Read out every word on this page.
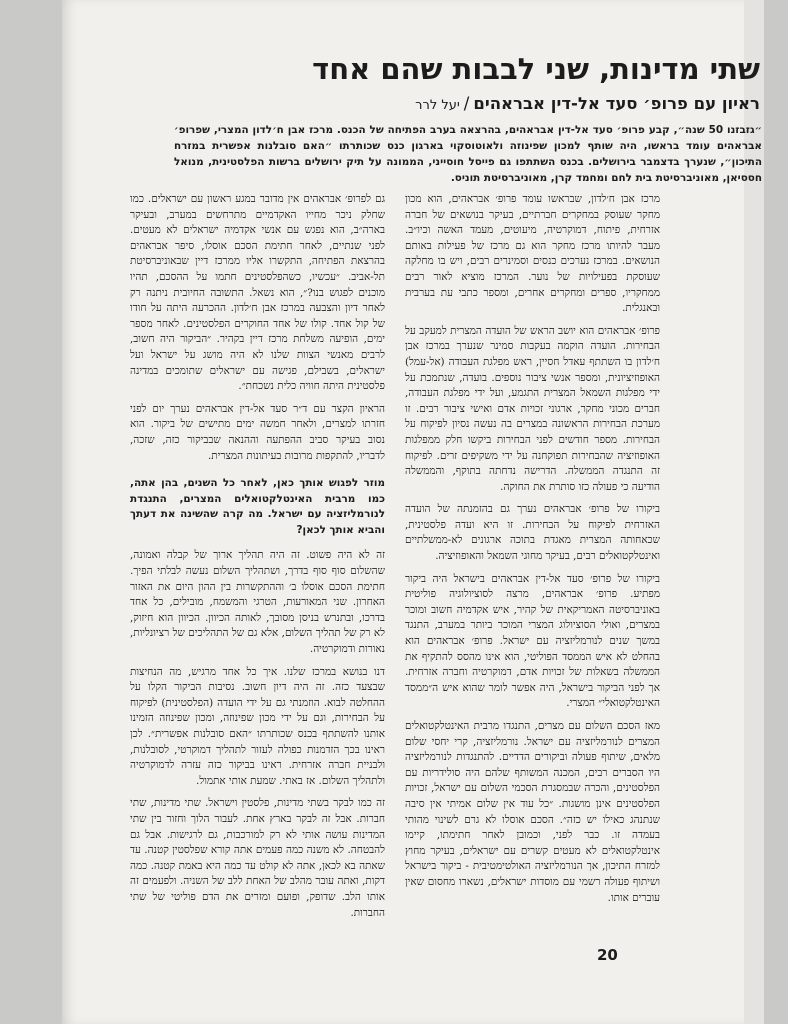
שתי מדינות, שני לבבות שהם אחד
ראיון עם פרופ׳ סעד אל-דין אבראהים/יעל לרר
״גזבזנו 50 שנה״, קבע פרופ׳ סעד אל-דין אבראהים, בהרצאה בערב הפתיחה של הכנס. מרכז אבן ח׳לדון המצרי, שפרופ׳ אבראהים עומד בראשו, היה שותף למכון שפינוזה ולאוטוסקוי בארגון כנס שכותרתו ״האם סובלנות אפשרית במזרח התיכון״, שנערך בדצמבר בירושלים. בכנס השתתפו גם פייסל חוסייני, הממונה על תיק ירושלים ברשות הפלסטינית, מנואל חססיאן, מאוניברסיטת בית לחם ומחמד קרן, מאוניברסיטת תוניס.

מרכז אבן ח׳לדון, שבראשו עומד פרופ׳ אבראהים, הוא מכון מחקר שעוסק במחקרים חברתיים, בעיקר בנושאים של חברה אזרחית, פיתוח, דמוקרטיה, מיעוטים, מעמד האשה וכיו״ב. מעבר להיותו מרכז מחקר הוא גם מרכז של פעילות באותם הנושאים. במרכז נערכים כנסים וסמינרים רבים, ויש בו מחלקה שעוסקת בפעילויות של נוער. המרכז מוציא לאור רבים ממחקריו, ספרים ומחקרים אחרים, ומספר כתבי עת בערבית ובאנגלית.

פרופ׳ אבראהים הוא יושב הראש של הועדה המצרית למעקב על הבחירות. הועדה הוקמה בעקבות סמינר שנערך במרכז אבן ח׳לדון בו השתתף עאדל חסיין, ראש מפלגת העבודה (אל-עמל) האופוזיציונית, ומספר אנשי ציבור נוספים. בועדה, שנתמכת על ידי מפלגות השמאל המצרית התגמע, ועל ידי מפלגת העבודה, חברים מכוני מחקר, ארגוני זכויות אדם ואישי ציבור רבים. זו מערכת הבחירות הראשונה במצרים בה נעשה נסיון לפיקוח על הבחירות. מספר חודשים לפני הבחירות ביקשו חלק ממפלגות האופוזיציה שהבחירות תפוקחנה על ידי משקיפים זרים. לפיקוח זה התנגדה הממשלה. הדרישה נדחתה בתוקף, והממשלה הודיעה כי פעולה כזו סותרת את החוקה.

ביקורו של פרופ׳ אבראהים נערך גם בהזמנתה של הועדה האזרחית לפיקוח על הבחירות. זו היא ועדה פלסטינית, שכאחותה המצרית מאגדת בתוכה ארגונים לא-ממשלתיים ואינטלקטואלים רבים, בעיקר מחוגי השמאל והאופוזיציה.

ביקורו של פרופ׳ סעד אל-דין אבראהים בישראל היה ביקור מפתיע. פרופ׳ אבראהים, מרצה לסוציולוגיה פוליטית באוניברסיטה האמריקאית של קהיר, איש אקדמיה חשוב ומוכר במצרים, ואולי הסוציולוג המצרי המוכר ביותר במערב, התנגד במשך שנים לנורמליזציה עם ישראל. פרופ׳ אבראהים הוא בהחלט לא איש הממסד הפוליטי, הוא אינו מהסס להתקיף את הממשלה בשאלות של זכויות אדם, דמוקרטיה וחברה אזרחית. אך לפני הביקור בישראל, היה אפשר לומר שהוא איש ה״ממסד האינטלקטואלי״ המצרי.

מאז הסכם השלום עם מצרים, התנגדו מרבית האינטלקטואלים המצרים לנורמליזציה עם ישראל. נורמליזציה, קרי יחסי שלום מלאים, שיתוף פעולה וביקורים הדדיים. להתנגדות לנורמליזציה היו הסברים רבים, המכנה המשותף שלהם היה סולידריות עם הפלסטינים, והכרה שבמסגרת הסכמי השלום עם ישראל, זכויות הפלסטינים אינן מושגות. ״כל עוד אין שלום אמיתי אין סיבה שנתנהג כאילו יש כזה״. הסכם אוסלו לא גרם לשינוי מהותי בעמדה זו. כבר לפני, וכמובן לאחר חתימתו, קיימו אינטלקטואלים לא מעטים קשרים עם ישראלים, בעיקר מחוץ למזרח התיכון, אך הנורמליזציה האולטימטיבית - ביקור בישראל ושיתוף פעולה רשמי עם מוסדות ישראלים, נשארו מחסום שאין עוברים אותו.

גם לפרופ׳ אבראהים אין מדובר במגע ראשון עם ישראלים. כמו שחלק ניכר מחייו האקדמיים מתרחשים במערב, ובעיקר בארה״ב, הוא נפגש עם אנשי אקדמיה ישראלים לא מעטים. לפני שנתיים, לאחר חתימת הסכם אוסלו, סיפר אבראהים בהרצאת הפתיחה, התקשרו אליו ממרכז דיין שבאוניברסיטת תל-אביב. ״עכשיו, כשהפלסטינים חתמו על ההסכם, תהיו מוכנים לפגוש בנו?״, הוא נשאל. התשובה החיובית ניתנה רק לאחר דיון והצבעה במרכז אבן ח׳לדון. ההכרעה היתה על חודו של קול אחד. קולו של אחד החוקרים הפלסטינים. לאחר מספר ימים, הופיעה משלחת מרכז דיין בקהיר. ״הביקור היה חשוב, לרבים מאנשי הצוות שלנו לא היה מושג על ישראל ועל ישראלים, בשבילם, פגישה עם ישראלים שתומכים במדינה פלסטינית היתה חוויה כלית נשכחת״.

הראיון הקצר עם ד״ר סעד אל-דין אבראהים נערך יום לפני חזרתו למצרים, ולאחר חמשה ימים מתישים של ביקור. הוא נסוב בעיקר סביב ההפתעה וההנאה שבביקור כזה, שזכה, לדבריו, להתקפות מרובות בעיתונות המצרית.

מוזר לפגוש אותך כאן, לאחר כל השנים, בהן אתה, כמו מרבית האינטלקטואלים המצרים, התנגדת לנורמליזציה עם ישראל. מה קרה שהשינה את דעתך והביא אותך לכאן?

זה לא היה פשוט. זה היה תהליך ארוך של קבלה ואמונה, שהשלום סוף סוף בדרך, ושתהליך השלום נעשה לבלתי הפיך. חתימת הסכם אוסלו ב׳ וההתקשרות בין ההון היום את האזור האחרון. שני המאורעות, הטרגי והמשמח, מובילים, כל אחד בדרכו, ובתנרש בניסן מסובך, לאותה הכיוון. הכיוון הוא חיזוק, לא רק של תהליך השלום, אלא גם של התהליכים של רציונליות, נאורות ודמוקרטיה.

דנו בנושא במרכז שלנו. איך כל אחד מרגיש, מה הנחיצות שבצעד כזה. זה היה דיון חשוב. נסיבות הביקור הקלו על ההחלטה לבוא. הוזמנתי גם על ידי הועדה (הפלסטינית) לפיקוח על הבחירות, וגם על ידי מכון שפינוזה, ומכון שפינוזה הזמינו אותנו להשתתף בכנס שכותרתו ״האם סובלנות אפשרית״. לכן ראינו בכך הזדמנות כפולה לעזור לתהליך דמוקרטי, לסובלנות, ולבניית חברה אזרחית. ראינו בביקור כזה עזרה לדמוקרטיה ולתהליך השלום. אז באתי. שמעת אותי אתמול.

זה כמו לבקר בשתי מדינות, פלסטין וישראל. שתי מדינות, שתי חברות. אבל זה לבקר בארץ אחת. לעבור הלוך וחזור בין שתי המדינות עושה אותי לא רק למורכבות, גם לרגישות. אבל גם להבטחה. לא משנה כמה פעמים אתה קורא שפלסטין קטנה. עד שאתה בא לכאן, אתה לא קולט עד כמה היא באמת קטנה. כמה דקות, ואתה עובר מהלב של האחת ללב של השניה. ולפעמים זה אותו הלב. שדופק, ופועם ומזרים את הדם פוליטי של שתי החברות.

20
